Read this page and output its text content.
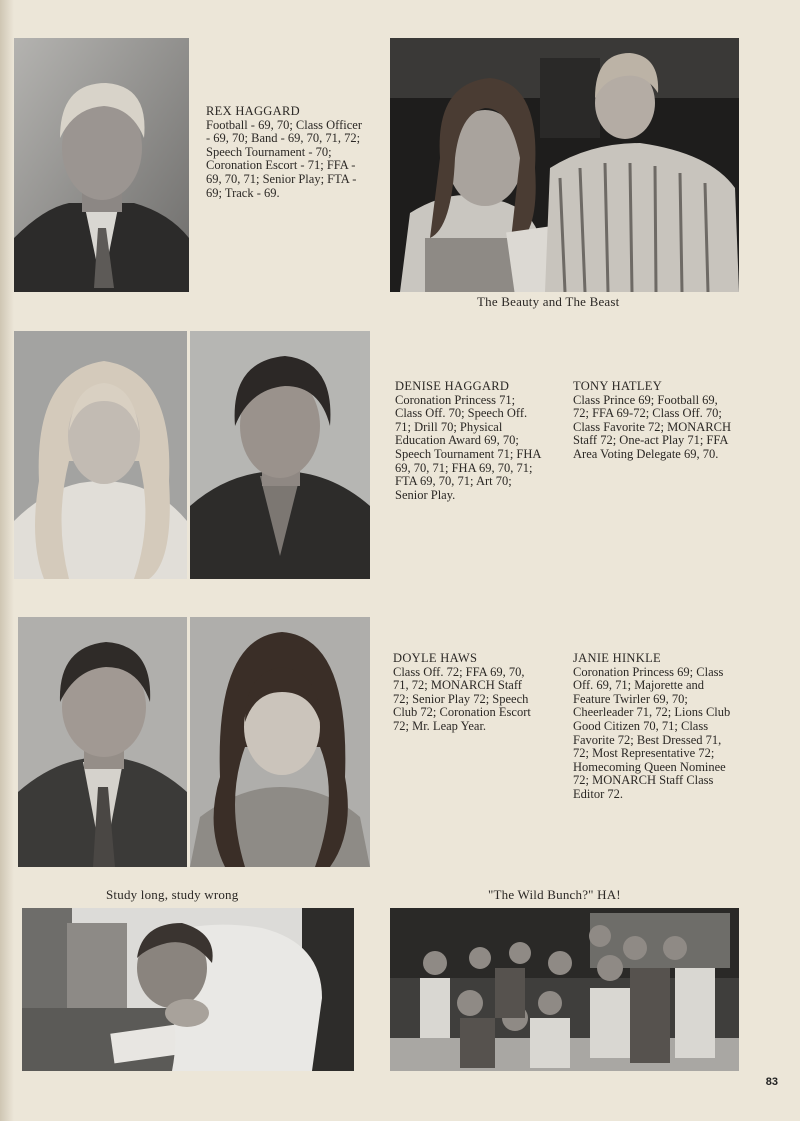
REX HAGGARD
Football - 69, 70; Class Officer - 69, 70; Band - 69, 70, 71, 72; Speech Tournament - 70; Coronation Escort - 71; FFA - 69, 70, 71; Senior Play; FTA - 69; Track - 69.
The Beauty and The Beast
DENISE HAGGARD
Coronation Princess 71; Class Off. 70; Speech Off. 71; Drill 70; Physical Education Award 69, 70; Speech Tournament 71; FHA 69, 70, 71; FHA 69, 70, 71; FTA 69, 70, 71; Art 70; Senior Play.
TONY HATLEY
Class Prince 69; Football 69, 72; FFA 69-72; Class Off. 70; Class Favorite 72; MONARCH Staff 72; One-act Play 71; FFA Area Voting Delegate 69, 70.
DOYLE HAWS
Class Off. 72; FFA 69, 70, 71, 72; MONARCH Staff 72; Senior Play 72; Speech Club 72; Coronation Escort 72; Mr. Leap Year.
JANIE HINKLE
Coronation Princess 69; Class Off. 69, 71; Majorette and Feature Twirler 69, 70; Cheerleader 71, 72; Lions Club Good Citizen 70, 71; Class Favorite 72; Best Dressed 71, 72; Most Representative 72; Homecoming Queen Nominee 72; MONARCH Staff Class Editor 72.
Study long, study wrong	"The Wild Bunch?" HA!
83
